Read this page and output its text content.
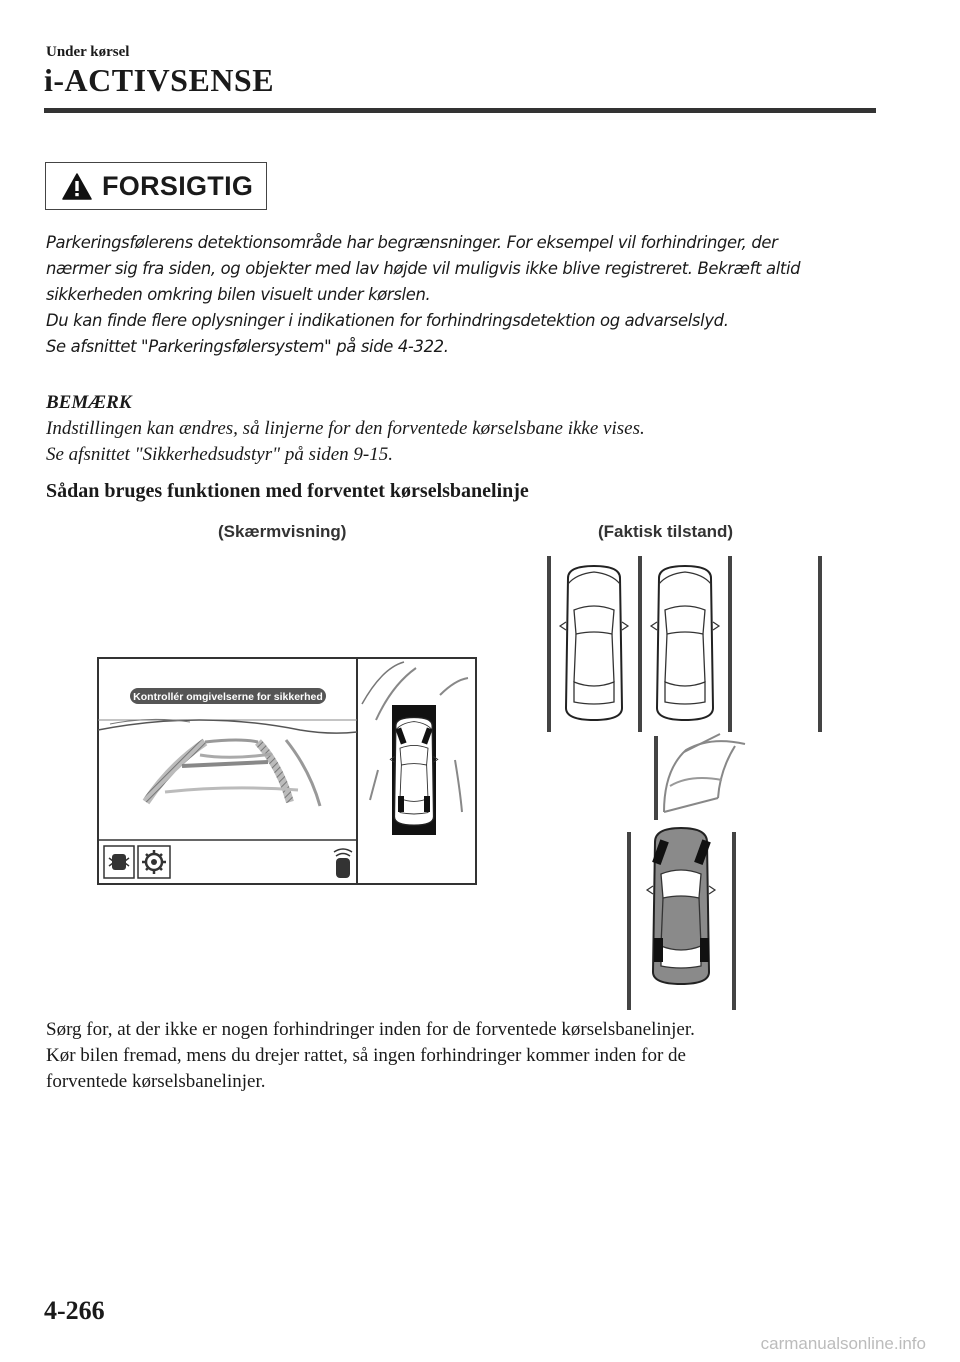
Under kørsel
i-ACTIVSENSE
FORSIGTIG

Parkeringsfølerens detektionsområde har begrænsninger. For eksempel vil forhindringer, der

nærmer sig fra siden, og objekter med lav højde vil muligvis ikke blive registreret. Bekræft altid

sikkerheden omkring bilen visuelt under kørslen.

Du kan finde flere oplysninger i indikationen for forhindringsdetektion og advarselslyd.

Se afsnittet "Parkeringsfølersystem" på side 4-322.

BEMÆRK

Indstillingen kan ændres, så linjerne for den forventede kørselsbane ikke vises.

Se afsnittet "Sikkerhedsudstyr" på siden 9-15.

Sådan bruges funktionen med forventet kørselsbanelinje
(Skærmvisning)	(Faktisk tilstand)
Kontrollér omgivelserne for sikkerhed

Sørg for, at der ikke er nogen forhindringer inden for de forventede kørselsbanelinjer.

Kør bilen fremad, mens du drejer rattet, så ingen forhindringer kommer inden for de

forventede kørselsbanelinjer.

4-266
carmanualsonline.info
